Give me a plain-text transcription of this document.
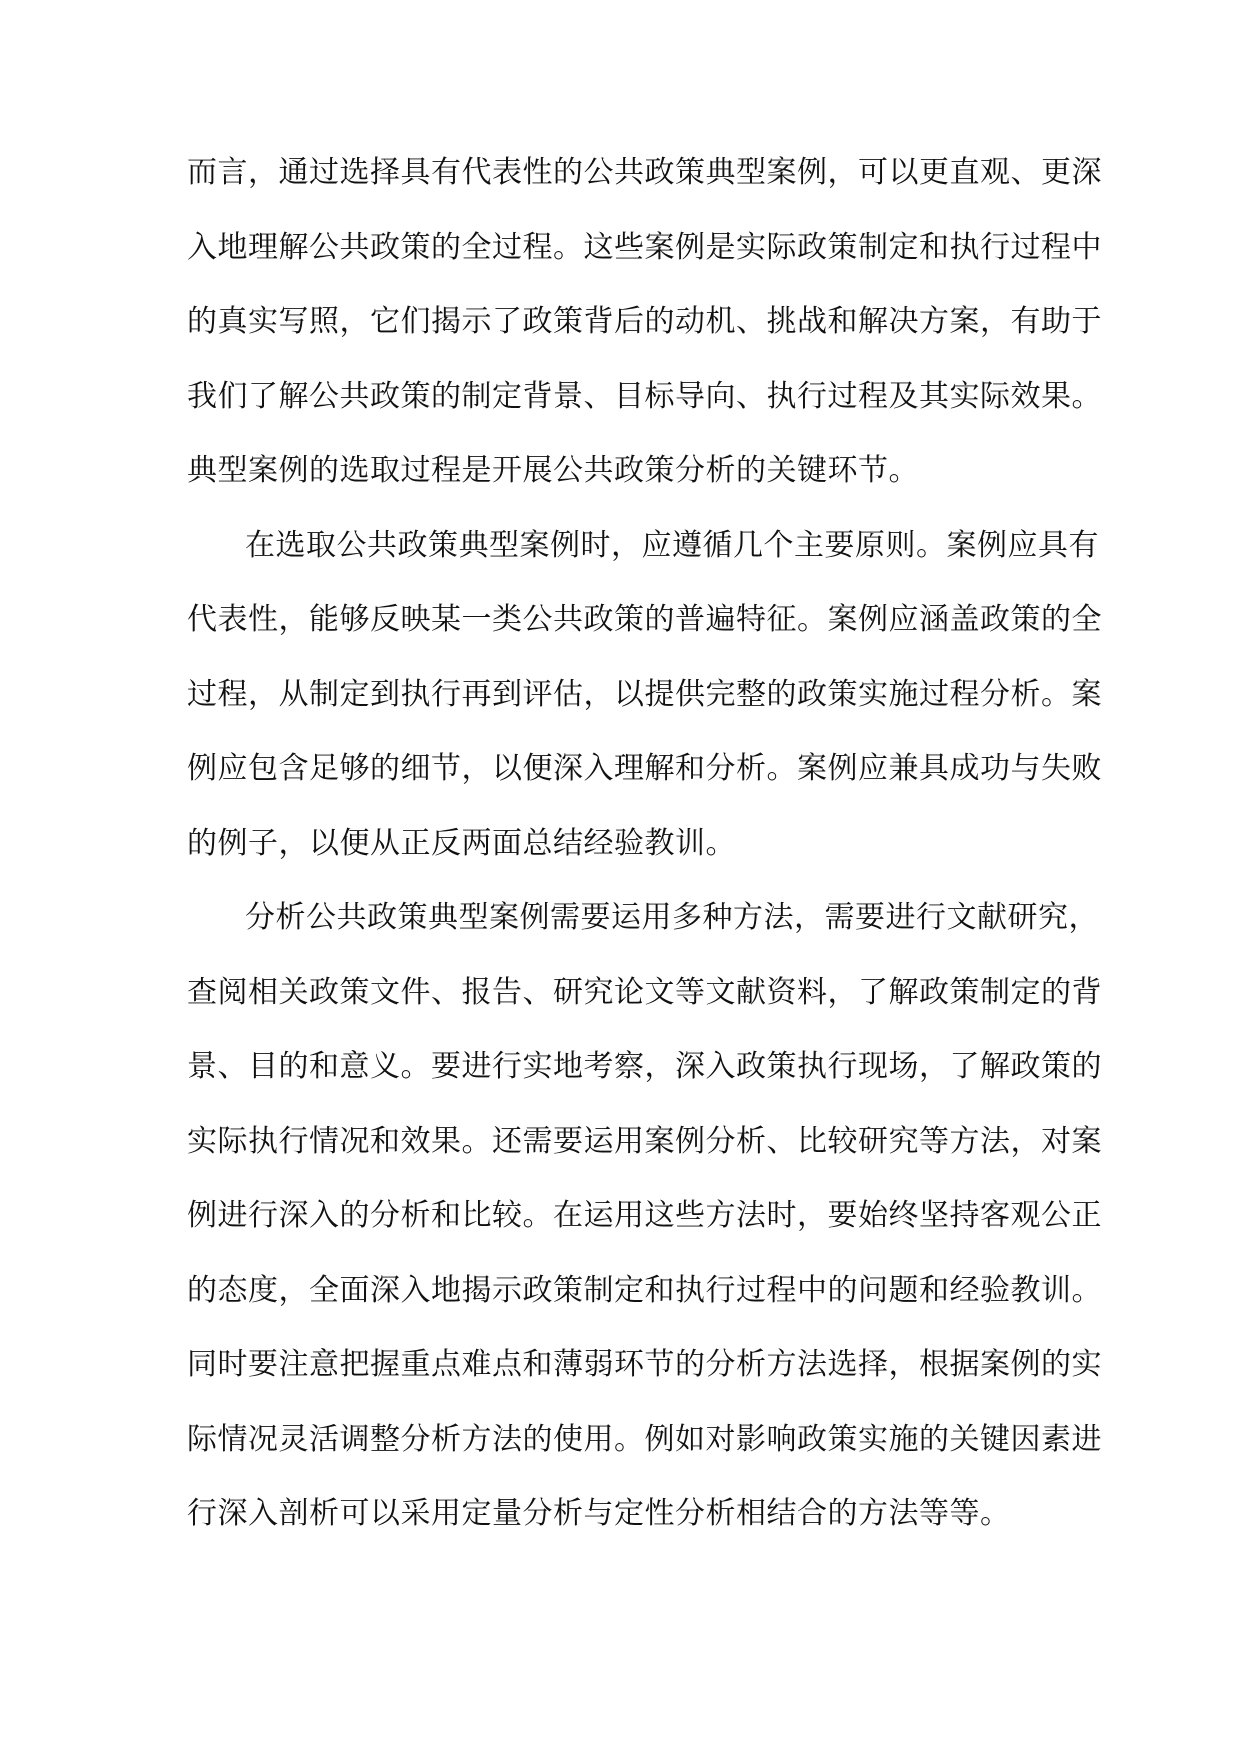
而言，通过选择具有代表性的公共政策典型案例，可以更直观、更深
入地理解公共政策的全过程。这些案例是实际政策制定和执行过程中
的真实写照，它们揭示了政策背后的动机、挑战和解决方案，有助于
我们了解公共政策的制定背景、目标导向、执行过程及其实际效果。
典型案例的选取过程是开展公共政策分析的关键环节。
在选取公共政策典型案例时，应遵循几个主要原则。案例应具有
代表性，能够反映某一类公共政策的普遍特征。案例应涵盖政策的全
过程，从制定到执行再到评估，以提供完整的政策实施过程分析。案
例应包含足够的细节，以便深入理解和分析。案例应兼具成功与失败
的例子，以便从正反两面总结经验教训。
分析公共政策典型案例需要运用多种方法，需要进行文献研究，
查阅相关政策文件、报告、研究论文等文献资料，了解政策制定的背
景、目的和意义。要进行实地考察，深入政策执行现场，了解政策的
实际执行情况和效果。还需要运用案例分析、比较研究等方法，对案
例进行深入的分析和比较。在运用这些方法时，要始终坚持客观公正
的态度，全面深入地揭示政策制定和执行过程中的问题和经验教训。
同时要注意把握重点难点和薄弱环节的分析方法选择，根据案例的实
际情况灵活调整分析方法的使用。例如对影响政策实施的关键因素进
行深入剖析可以采用定量分析与定性分析相结合的方法等等。
